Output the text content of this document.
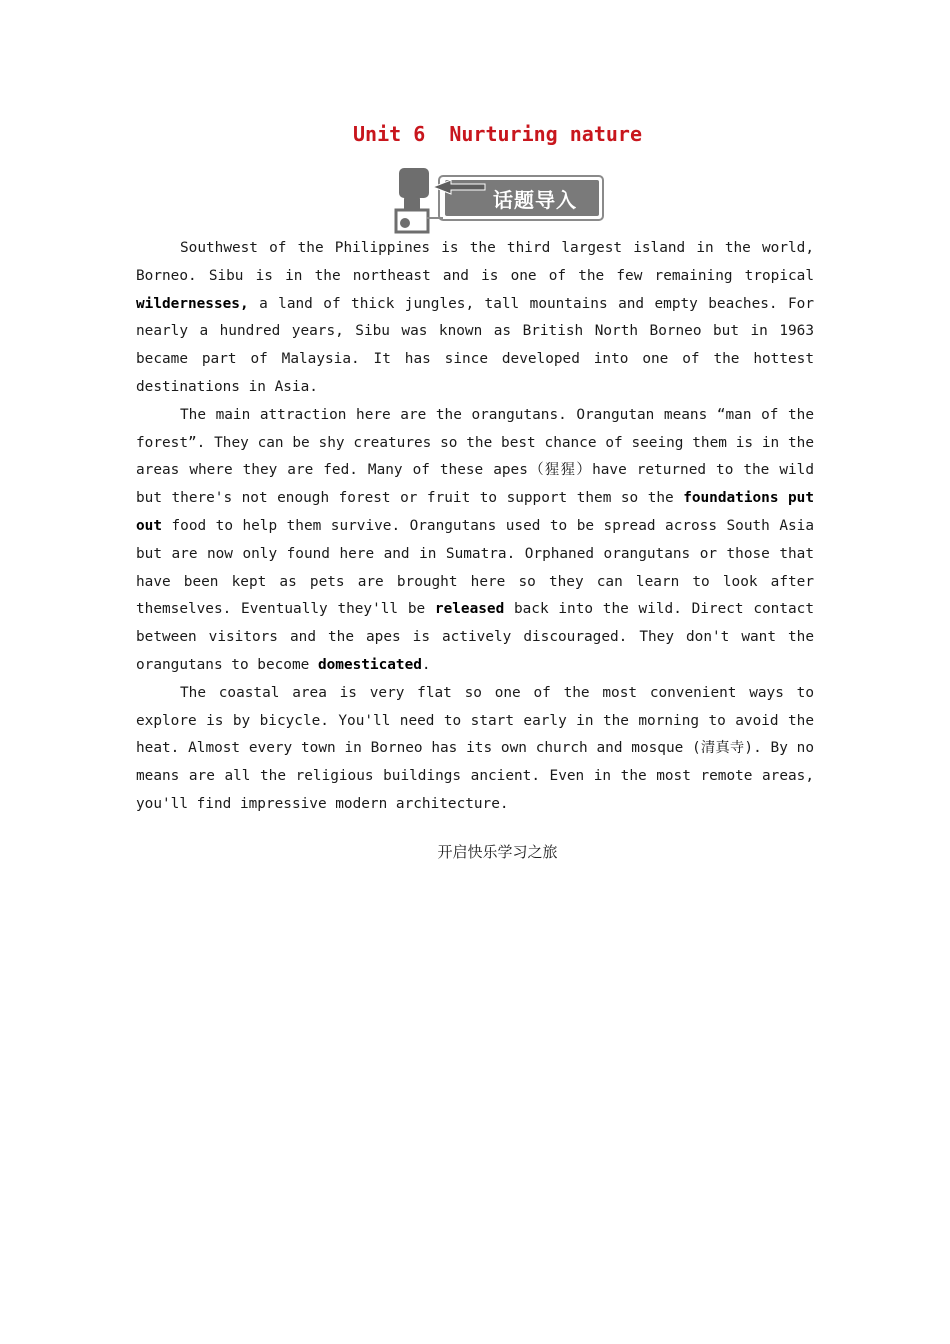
Unit 6  Nurturing nature
话题导入

Southwest of the Philippines is the third largest island in the world, Borneo. Sibu is in the northeast and is one of the few remaining tropical wildernesses, a land of thick jungles, tall mountains and empty beaches. For nearly a hundred years, Sibu was known as British North Borneo but in 1963 became part of Malaysia. It has since developed into one of the hottest destinations in Asia.

The main attraction here are the orangutans. Orangutan means “man of the forest”. They can be shy creatures so the best chance of seeing them is in the areas where they are fed. Many of these apes（猩猩）have returned to the wild but there's not enough forest or fruit to support them so the foundations put out food to help them survive. Orangutans used to be spread across South Asia but are now only found here and in Sumatra. Orphaned orangutans or those that have been kept as pets are brought here so they can learn to look after themselves. Eventually they'll be released back into the wild. Direct contact between visitors and the apes is actively discouraged. They don't want the orangutans to become domesticated.

The coastal area is very flat so one of the most convenient ways to explore is by bicycle. You'll need to start early in the morning to avoid the heat. Almost every town in Borneo has its own church and mosque (清真寺). By no means are all the religious buildings ancient. Even in the most remote areas, you'll find impressive modern architecture.

开启快乐学习之旅
